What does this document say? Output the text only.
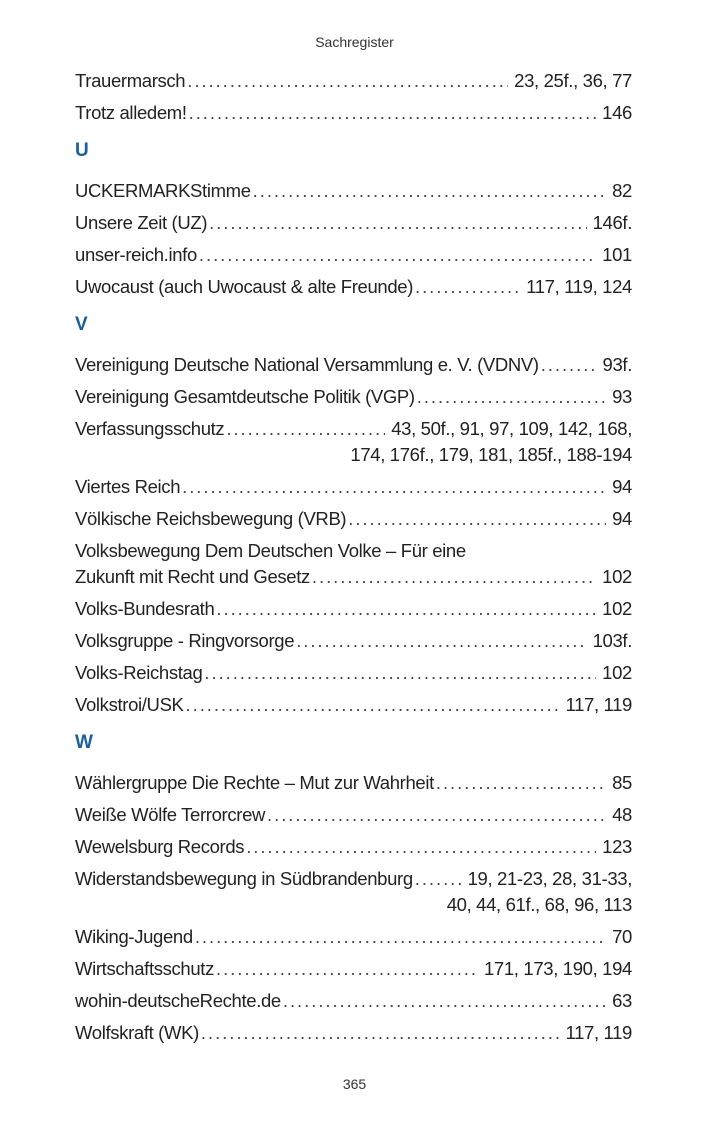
Sachregister
Trauermarsch . . .	23, 25f., 36, 77
Trotz alledem! . . .	146
U
UCKERMARKStimme . . .	82
Unsere Zeit (UZ) . . .	146f.
unser-reich.info . . .	101
Uwocaust (auch Uwocaust & alte Freunde) . . .	117, 119, 124
V
Vereinigung Deutsche National Versammlung e. V. (VDNV) . . .	93f.
Vereinigung Gesamtdeutsche Politik (VGP) . . .	93
Verfassungsschutz . . .	43, 50f., 91, 97, 109, 142, 168,
174, 176f., 179, 181, 185f., 188-194
Viertes Reich . . .	94
Völkische Reichsbewegung (VRB) . . .	94
Volksbewegung Dem Deutschen Volke – Für eine
Zukunft mit Recht und Gesetz . . .	102
Volks-Bundesrath . . .	102
Volksgruppe - Ringvorsorge . . .	103f.
Volks-Reichstag . . .	102
Volkstroi/USK . . .	117, 119
W
Wählergruppe Die Rechte – Mut zur Wahrheit . . .	85
Weiße Wölfe Terrorcrew . . .	48
Wewelsburg Records . . .	123
Widerstandsbewegung in Südbrandenburg . . .	19, 21-23, 28, 31-33,
40, 44, 61f., 68, 96, 113
Wiking-Jugend . . .	70
Wirtschaftsschutz . . .	171, 173, 190, 194
wohin-deutscheRechte.de . . .	63
Wolfskraft (WK) . . .	117, 119
365
